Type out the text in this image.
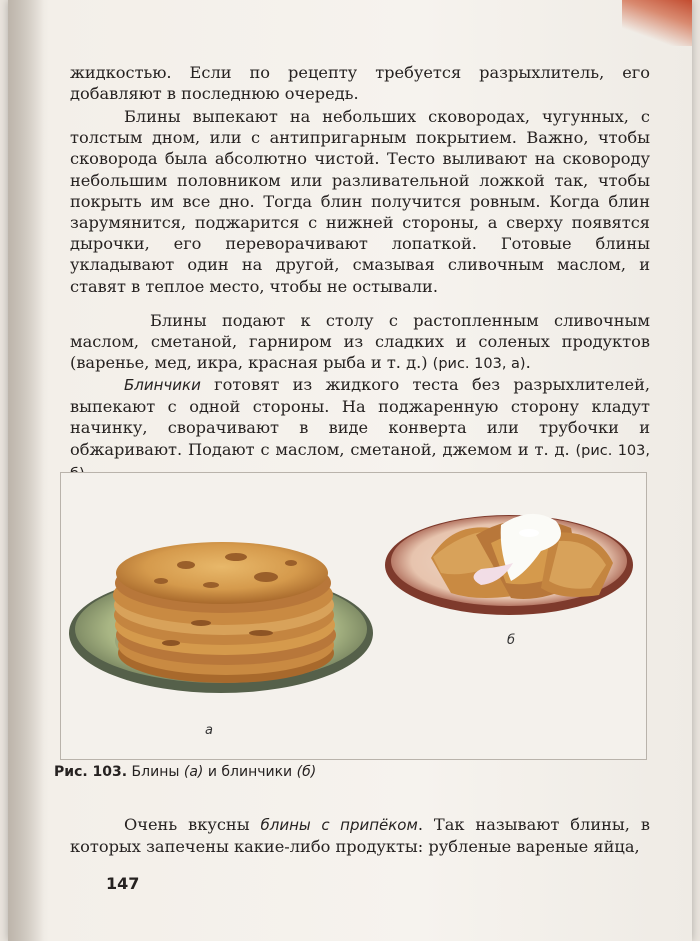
жидкостью. Если по рецепту требуется разрыхлитель, его добавляют в последнюю очередь.

Блины выпекают на небольших сковородах, чугунных, с толстым дном, или с антипригарным покрытием. Важно, чтобы сковорода была абсолютно чистой. Тесто выливают на сковороду небольшим половником или разливательной ложкой так, чтобы покрыть им все дно. Тогда блин получится ровным. Когда блин зарумянится, поджарится с нижней стороны, а сверху появятся дырочки, его переворачивают лопаткой. Готовые блины укладывают один на другой, смазывая сливочным маслом, и ставят в теплое место, чтобы не остывали.

Блины подают к столу с растопленным сливочным маслом, сметаной, гарниром из сладких и соленых продуктов (варенье, мед, икра, красная рыба и т. д.) (рис. 103, а).

Блинчики готовят из жидкого теста без разрыхлителей, выпекают с одной стороны. На поджаренную сторону кладут начинку, сворачивают в виде конверта или трубочки и обжаривают. Подают с маслом, сметаной, джемом и т. д. (рис. 103,

а
б
Рис. 103. Блины (а) и блинчики (б)

Очень вкусны блины с припёком. Так называют блины, в которых запечены какие-либо продукты: рубленые вареные яйца,

147
